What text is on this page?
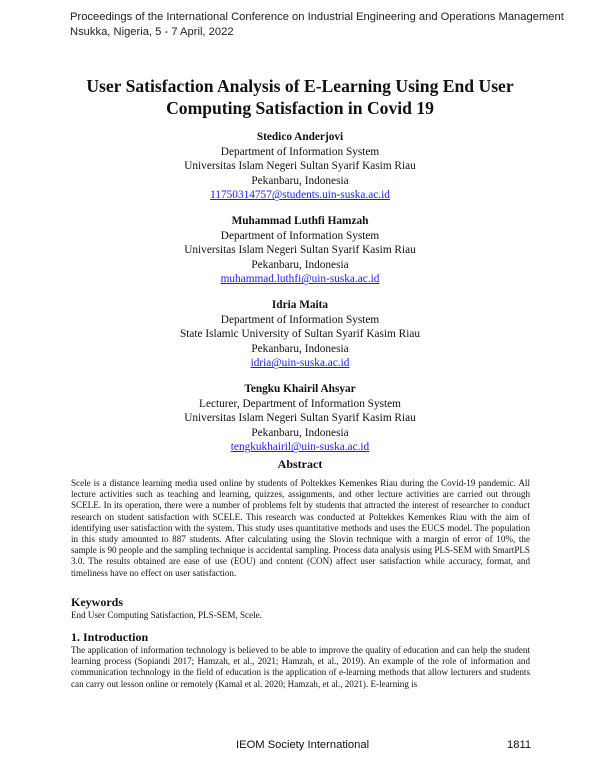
Proceedings of the International Conference on Industrial Engineering and Operations Management
Nsukka, Nigeria, 5 - 7 April, 2022
User Satisfaction Analysis of E-Learning Using End User
Computing Satisfaction in Covid 19
Stedico Anderjovi
Department of Information System
Universitas Islam Negeri Sultan Syarif Kasim Riau
Pekanbaru, Indonesia
11750314757@students.uin-suska.ac.id
Muhammad Luthfi Hamzah
Department of Information System
Universitas Islam Negeri Sultan Syarif Kasim Riau
Pekanbaru, Indonesia
muhammad.luthfi@uin-suska.ac.id
Idria Maita
Department of Information System
State Islamic University of Sultan Syarif Kasim Riau
Pekanbaru, Indonesia
idria@uin-suska.ac.id
Tengku Khairil Ahsyar
Lecturer, Department of Information System
Universitas Islam Negeri Sultan Syarif Kasim Riau
Pekanbaru, Indonesia
tengkukhairil@uin-suska.ac.id
Abstract
Scele is a distance learning media used online by students of Poltekkes Kemenkes Riau during the Covid-19 pandemic. All lecture activities such as teaching and learning, quizzes, assignments, and other lecture activities are carried out through SCELE. In its operation, there were a number of problems felt by students that attracted the interest of researcher to conduct research on student satisfaction with SCELE. This research was conducted at Poltekkes Kemenkes Riau with the aim of identifying user satisfaction with the system. This study uses quantitative methods and uses the EUCS model. The population in this study amounted to 887 students. After calculating using the Slovin technique with a margin of error of 10%, the sample is 90 people and the sampling technique is accidental sampling. Process data analysis using PLS-SEM with SmartPLS 3.0. The results obtained are ease of use (EOU) and content (CON) affect user satisfaction while accuracy, format, and timeliness have no effect on user satisfaction.
Keywords
End User Computing Satisfaction, PLS-SEM, Scele.
1. Introduction
The application of information technology is believed to be able to improve the quality of education and can help the student learning process (Sopiandi 2017; Hamzah, et al., 2021; Hamzah, et al., 2019). An example of the role of information and communication technology in the field of education is the application of e-learning methods that allow lecturers and students can carry out lesson online or remotely (Kamal et al. 2020; Hamzah, et al., 2021). E-learning is
IEOM Society International	1811
